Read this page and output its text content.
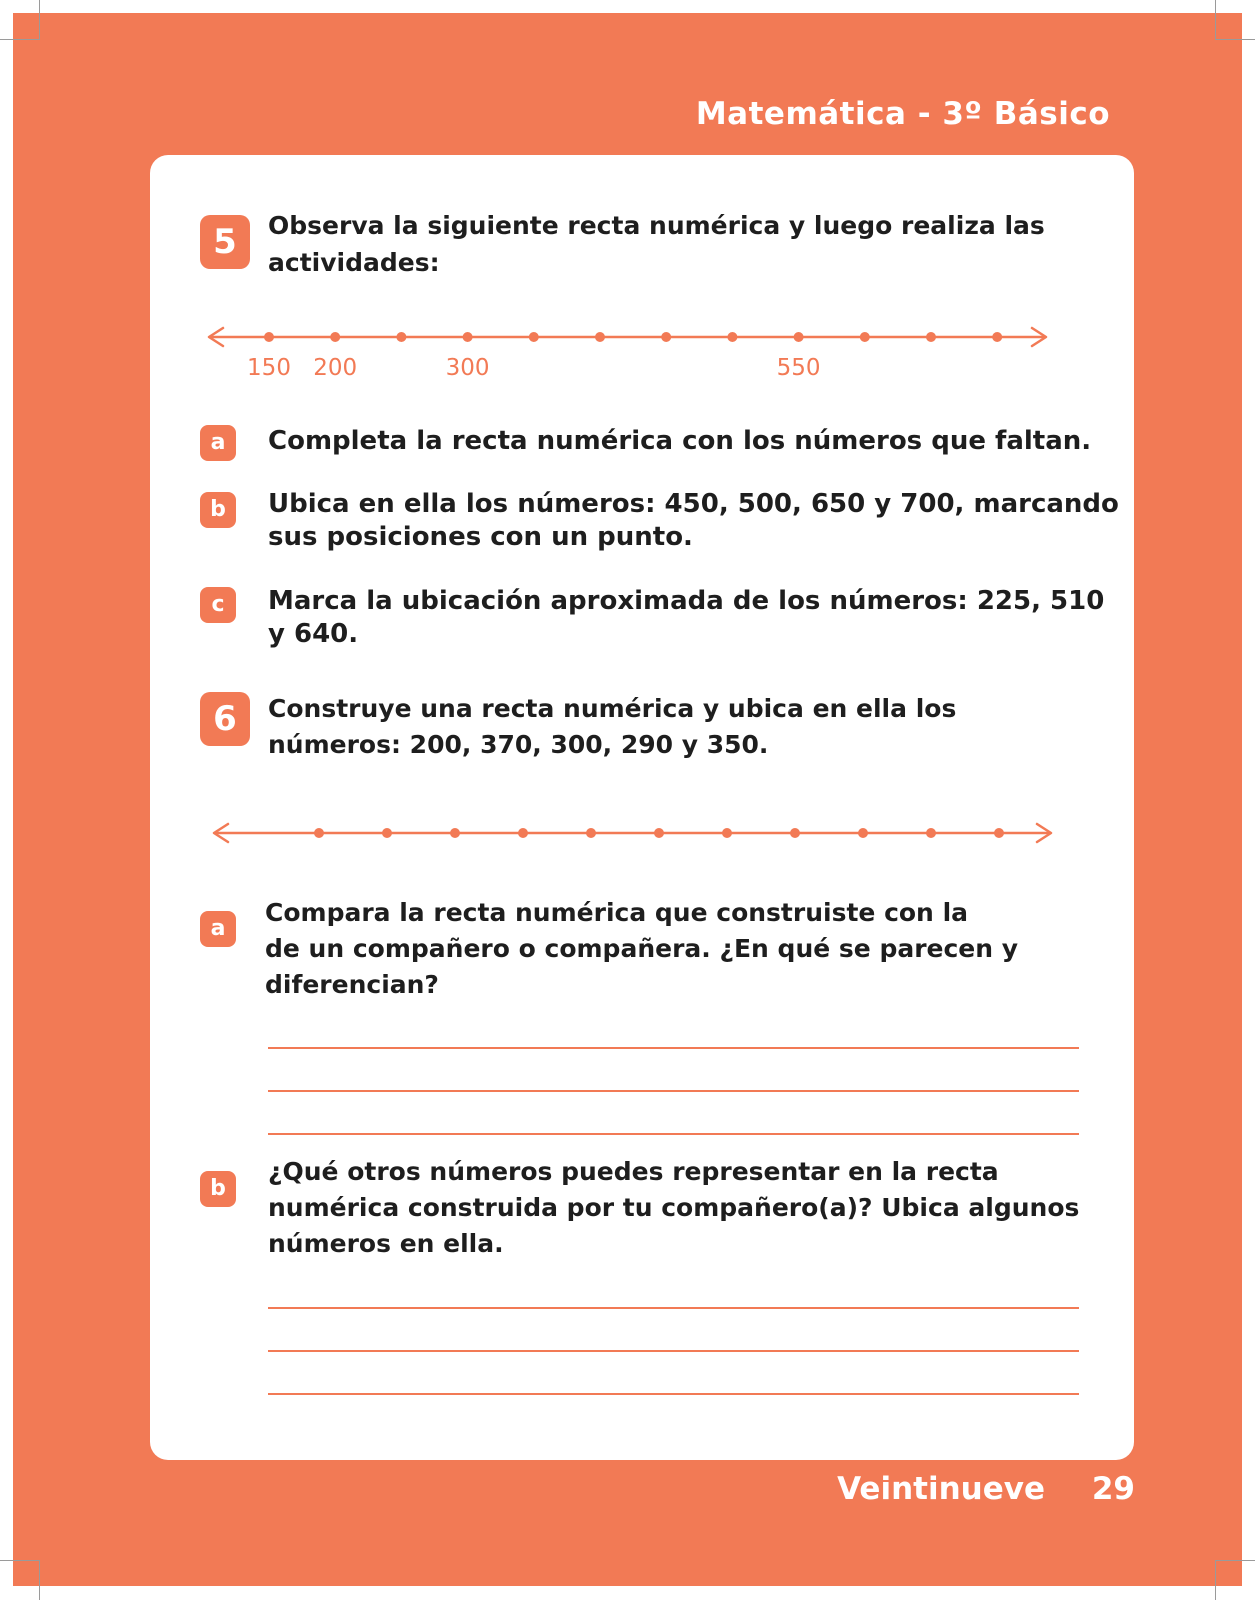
Matemática - 3º Básico
5	Observa la siguiente recta numérica y luego realiza las
actividades:
150 200	300	550
a	Completa la recta numérica con los números que faltan.
b	Ubica en ella los números: 450, 500, 650 y 700, marcando
sus posiciones con un punto.
c	Marca la ubicación aproximada de los números: 225, 510
y 640.
6	Construye una recta numérica y ubica en ella los
números: 200, 370, 300, 290 y 350.
a
Compara la recta numérica que construiste con la
de un compañero o compañera. ¿En qué se parecen y
diferencian?
b
¿Qué otros números puedes representar en la recta
numérica construida por tu compañero(a)? Ubica algunos
números en ella.
Veintinueve 29
